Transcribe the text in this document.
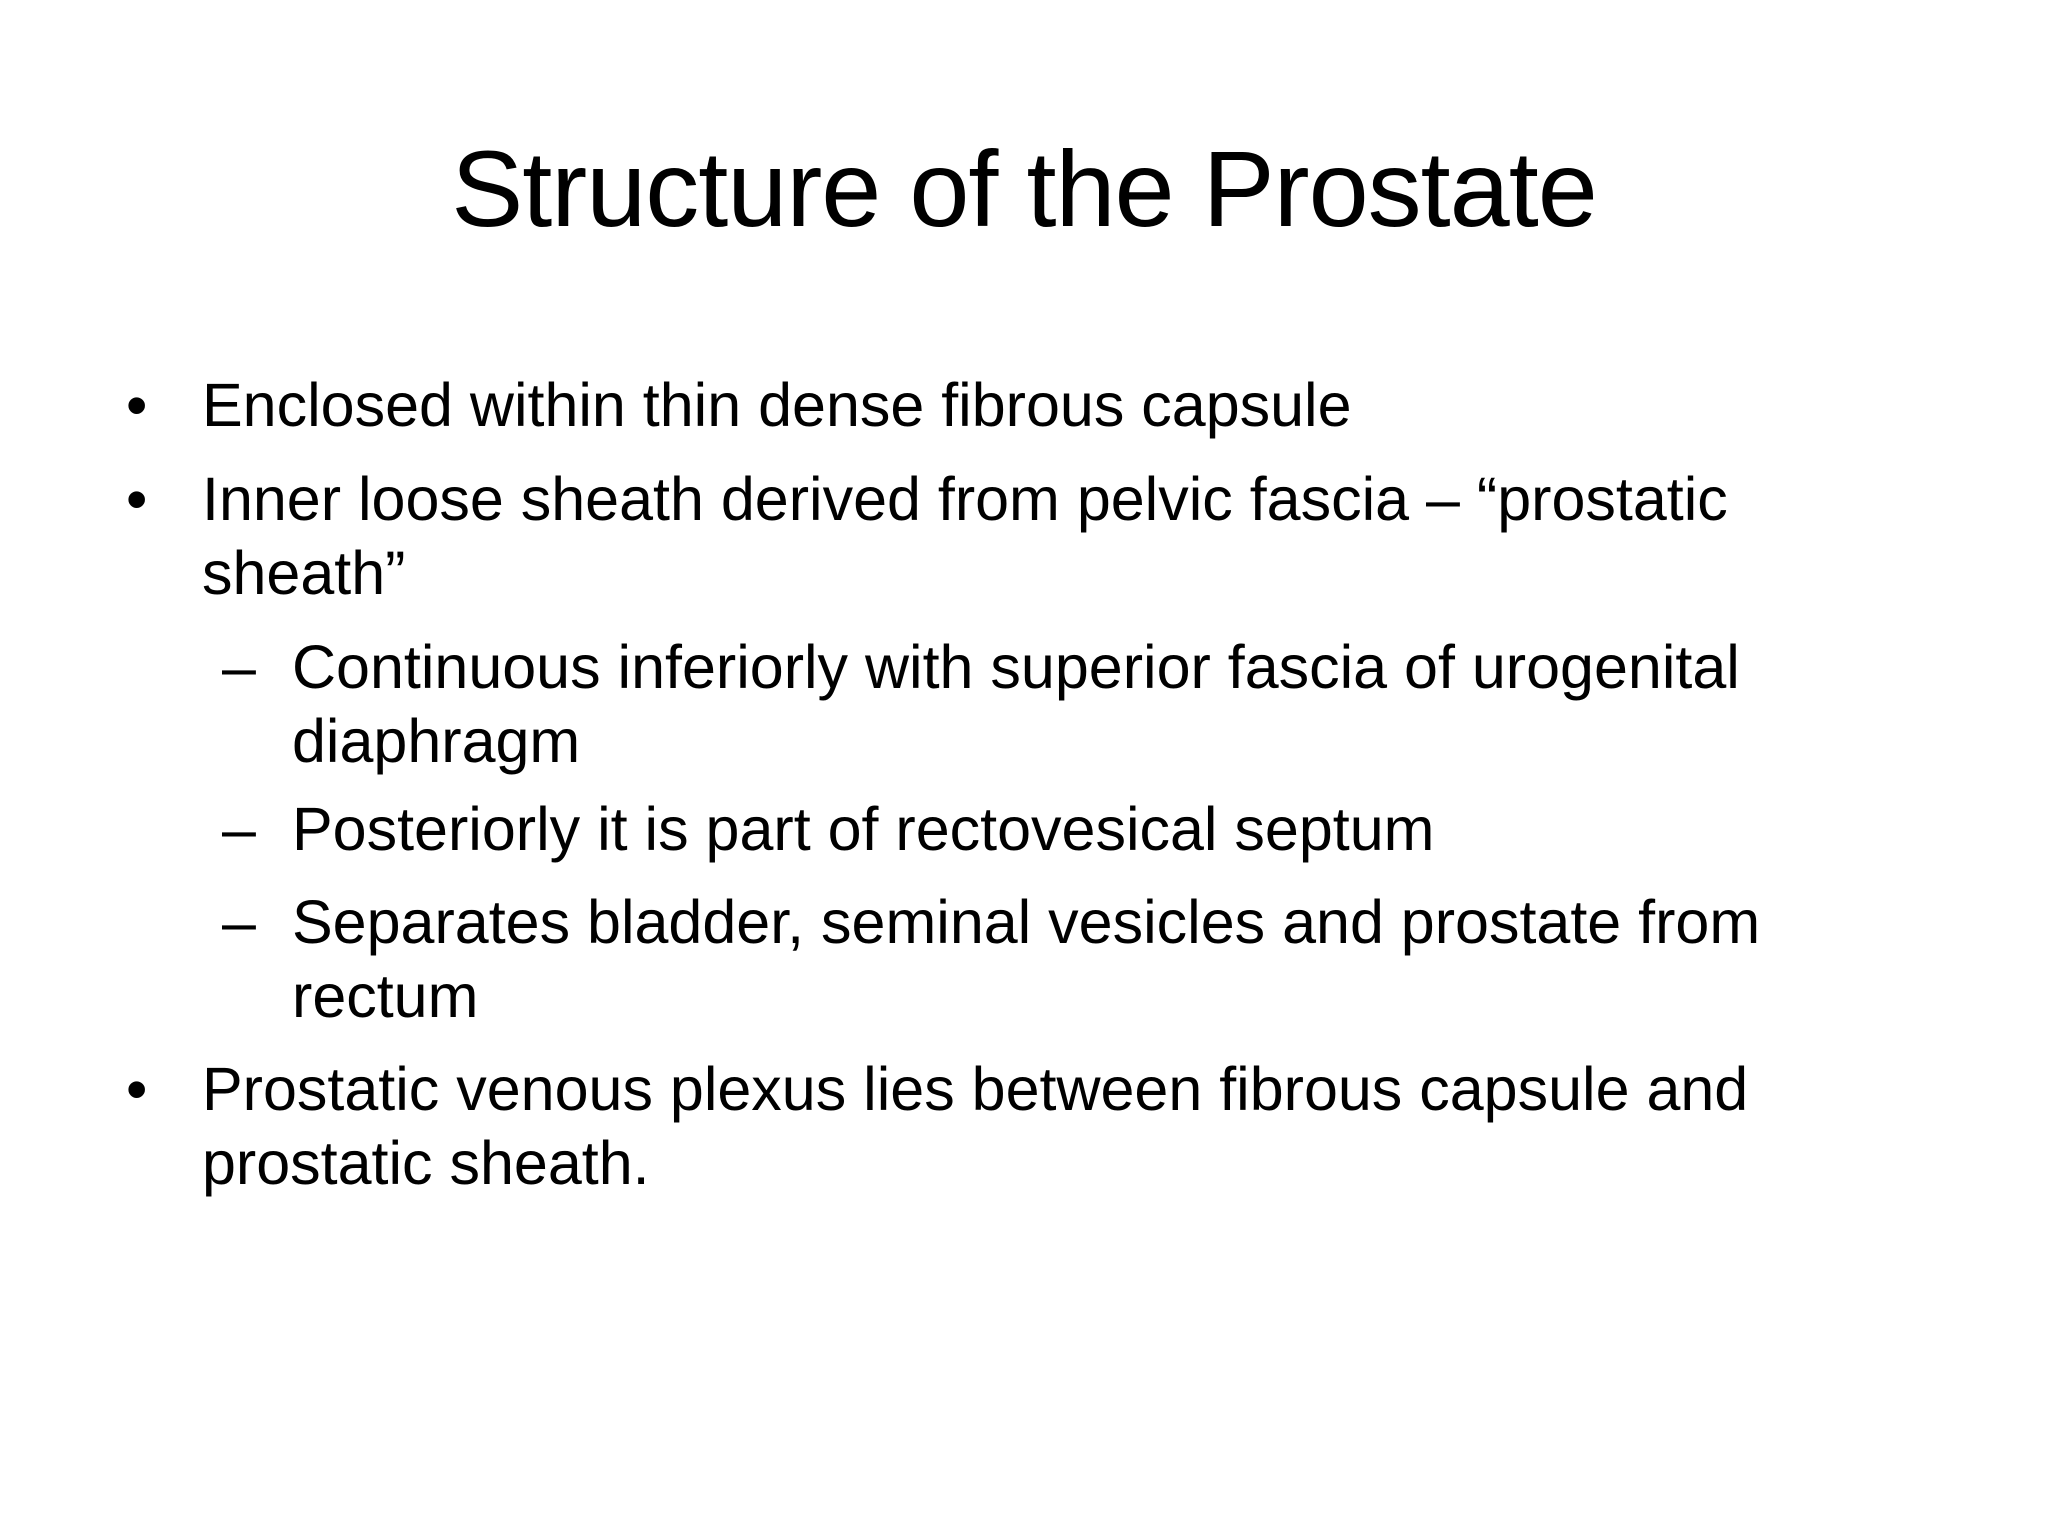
Structure of the Prostate
• Enclosed within thin dense fibrous capsule
• Inner loose sheath derived from pelvic fascia – “prostatic
sheath”
– Continuous inferiorly with superior fascia of urogenital
diaphragm
– Posteriorly it is part of rectovesical septum
– Separates bladder, seminal vesicles and prostate from
rectum
• Prostatic venous plexus lies between fibrous capsule and
prostatic sheath.
